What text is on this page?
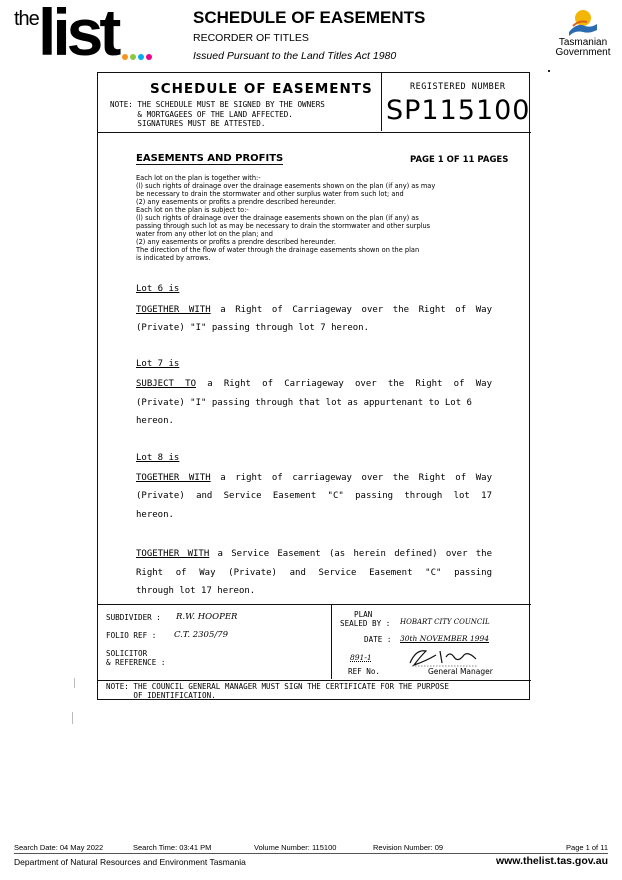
the list	SCHEDULE OF EASEMENTS
RECORDER OF TITLES
Issued Pursuant to the Land Titles Act 1980
Tasmanian
Government
SCHEDULE OF EASEMENTS
NOTE: THE SCHEDULE MUST BE SIGNED BY THE OWNERS
& MORTGAGEES OF THE LAND AFFECTED.
SIGNATURES MUST BE ATTESTED.
REGISTERED NUMBER
SP115100
EASEMENTS AND PROFITS	PAGE 1 OF 11 PAGES
Each lot on the plan is together with:-
(l) such rights of drainage over the drainage easements shown on the plan (if any) as may
be necessary to drain the stormwater and other surplus water from such lot; and
(2) any easements or profits a prendre described hereunder.
Each lot on the plan is subject to:-
(l) such rights of drainage over the drainage easements shown on the plan (if any) as
passing through such lot as may be necessary to drain the stormwater and other surplus
water from any other lot on the plan; and
(2) any easements or profits a prendre described hereunder.
The direction of the flow of water through the drainage easements shown on the plan
is indicated by arrows.
Lot 6 is
TOGETHER WITH a Right of Carriageway over the Right of Way
(Private) "I" passing through lot 7 hereon.
Lot 7 is
SUBJECT TO a Right of Carriageway over the Right of Way
(Private) "I" passing through that lot as appurtenant to Lot 6
hereon.
Lot 8 is
TOGETHER WITH a right of carriageway over the Right of Way
(Private) and Service Easement "C" passing through lot 17
hereon.
TOGETHER WITH a Service Easement (as herein defined) over the
Right of Way (Private) and Service Easement "C" passing
through lot 17 hereon.
SUBDIVIDER : R.W. HOOPER
FOLIO REF : C.T. 2305/79
SOLICITOR
& REFERENCE :
PLAN
SEALED BY : HOBART CITY COUNCIL
DATE : 30th NOVEMBER 1994
891-1
REF No.	General Manager
NOTE: THE COUNCIL GENERAL MANAGER MUST SIGN THE CERTIFICATE FOR THE PURPOSE
OF IDENTIFICATION.
Search Date: 04 May 2022	Search Time: 03:41 PM	Volume Number: 115100	Revision Number: 09	Page 1 of 11
Department of Natural Resources and Environment Tasmania	www.thelist.tas.gov.au
